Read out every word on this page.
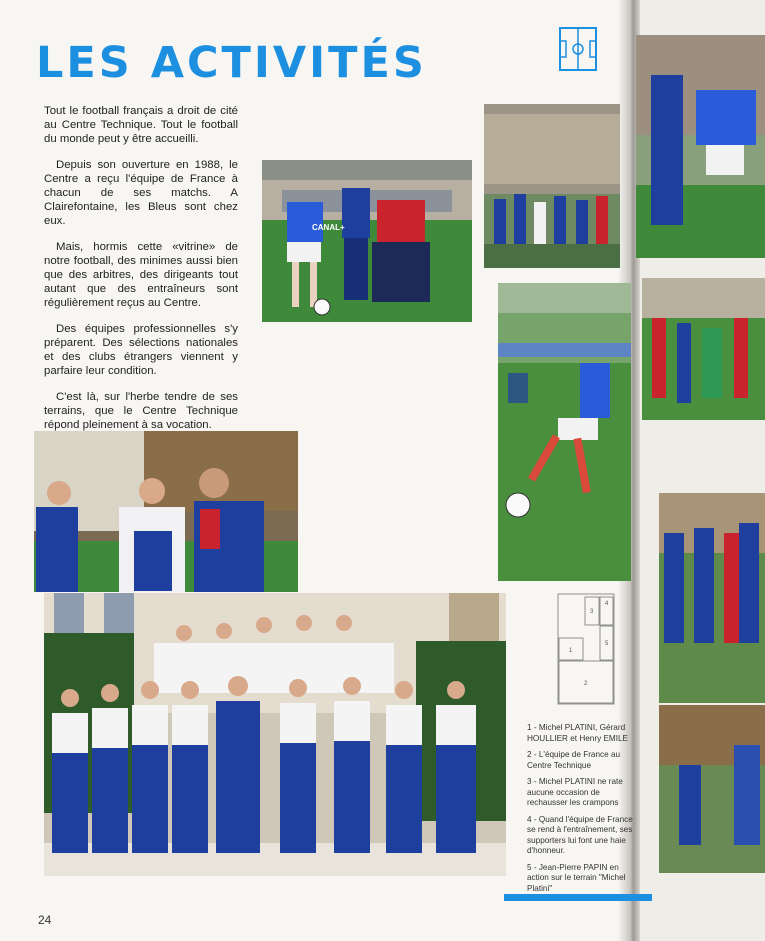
LES ACTIVITÉS

Tout le football français a droit de cité au Centre Technique. Tout le football du monde peut y être accueilli.

Depuis son ouverture en 1988, le Centre a reçu l'équipe de France à chacun de ses matchs. A Clairefontaine, les Bleus sont chez eux.

Mais, hormis cette «vitrine» de notre football, des minimes aussi bien que des arbitres, des dirigeants tout autant que des entraîneurs sont régulièrement reçus au Centre.

Des équipes professionnelles s'y préparent. Des sélections nationales et des clubs étrangers viennent y parfaire leur condition.

C'est là, sur l'herbe tendre de ses terrains, que le Centre Technique répond pleinement à sa vocation.

CANAL+
1
2
3
4
5

1 - Michel PLATINI, Gérard HOULLIER et Henry EMILE

2 - L'équipe de France au Centre Technique

3 - Michel PLATINI ne rate aucune occasion de rechausser les crampons

4 - Quand l'équipe de France se rend à l'entraînement, ses supporters lui font une haie d'honneur.

5 - Jean-Pierre PAPIN en action sur le terrain "Michel Platini"

24
